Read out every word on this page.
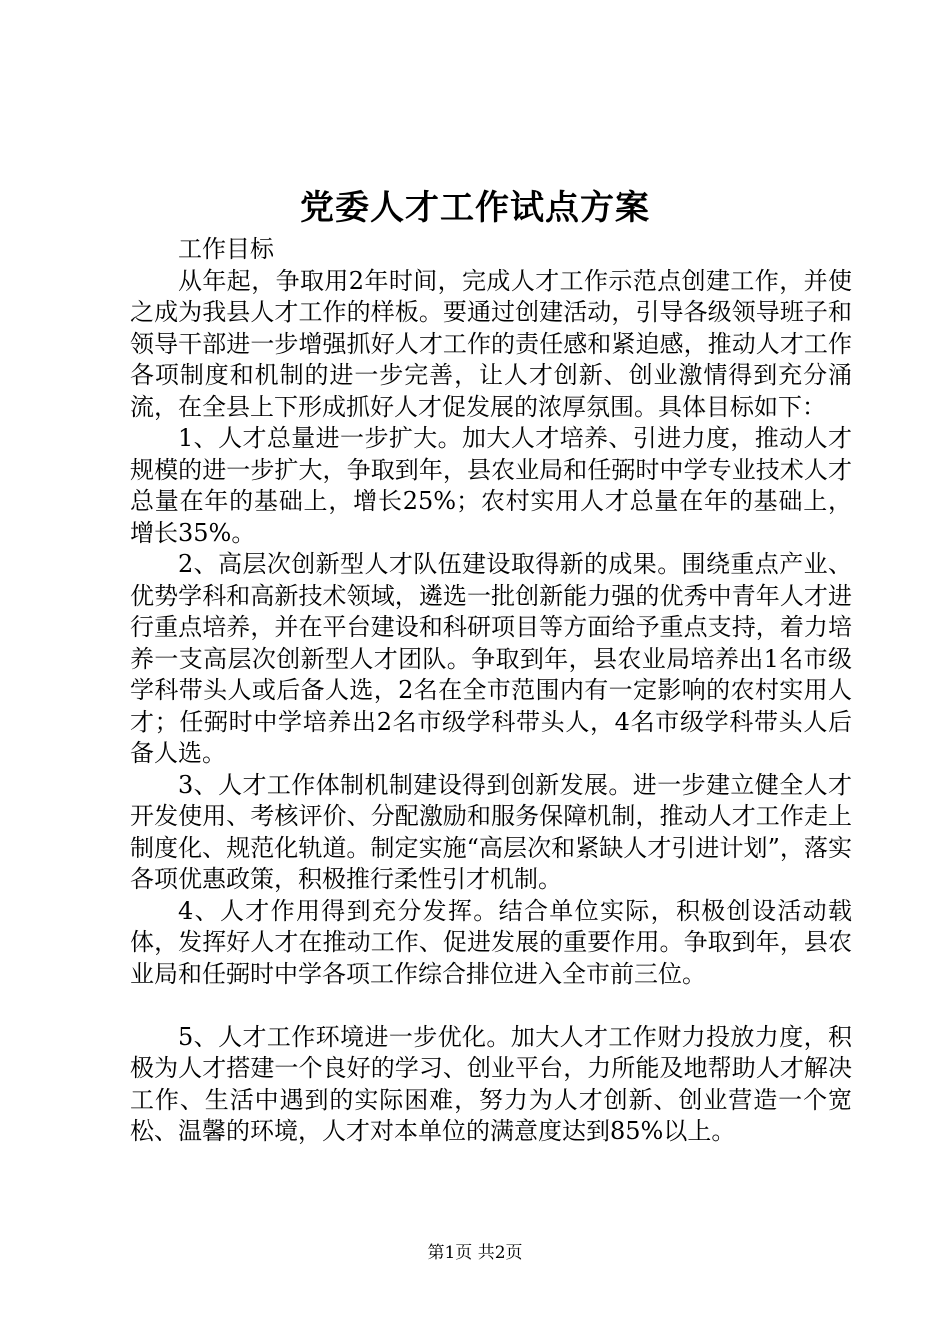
党委人才工作试点方案

工作目标

从年起，争取用2年时间，完成人才工作示范点创建工作，并使之成为我县人才工作的样板。要通过创建活动，引导各级领导班子和领导干部进一步增强抓好人才工作的责任感和紧迫感，推动人才工作各项制度和机制的进一步完善，让人才创新、创业激情得到充分涌流，在全县上下形成抓好人才促发展的浓厚氛围。具体目标如下：

1、人才总量进一步扩大。加大人才培养、引进力度，推动人才规模的进一步扩大，争取到年，县农业局和任弼时中学专业技术人才总量在年的基础上，增长25%；农村实用人才总量在年的基础上，增长35%。

2、高层次创新型人才队伍建设取得新的成果。围绕重点产业、优势学科和高新技术领域，遴选一批创新能力强的优秀中青年人才进行重点培养，并在平台建设和科研项目等方面给予重点支持，着力培养一支高层次创新型人才团队。争取到年，县农业局培养出1名市级学科带头人或后备人选，2名在全市范围内有一定影响的农村实用人才；任弼时中学培养出2名市级学科带头人，4名市级学科带头人后备人选。

3、人才工作体制机制建设得到创新发展。进一步建立健全人才开发使用、考核评价、分配激励和服务保障机制，推动人才工作走上制度化、规范化轨道。制定实施“高层次和紧缺人才引进计划”，落实各项优惠政策，积极推行柔性引才机制。

4、人才作用得到充分发挥。结合单位实际，积极创设活动载体，发挥好人才在推动工作、促进发展的重要作用。争取到年，县农业局和任弼时中学各项工作综合排位进入全市前三位。

5、人才工作环境进一步优化。加大人才工作财力投放力度，积极为人才搭建一个良好的学习、创业平台，力所能及地帮助人才解决工作、生活中遇到的实际困难，努力为人才创新、创业营造一个宽松、温馨的环境，人才对本单位的满意度达到85%以上。

第1页 共2页
